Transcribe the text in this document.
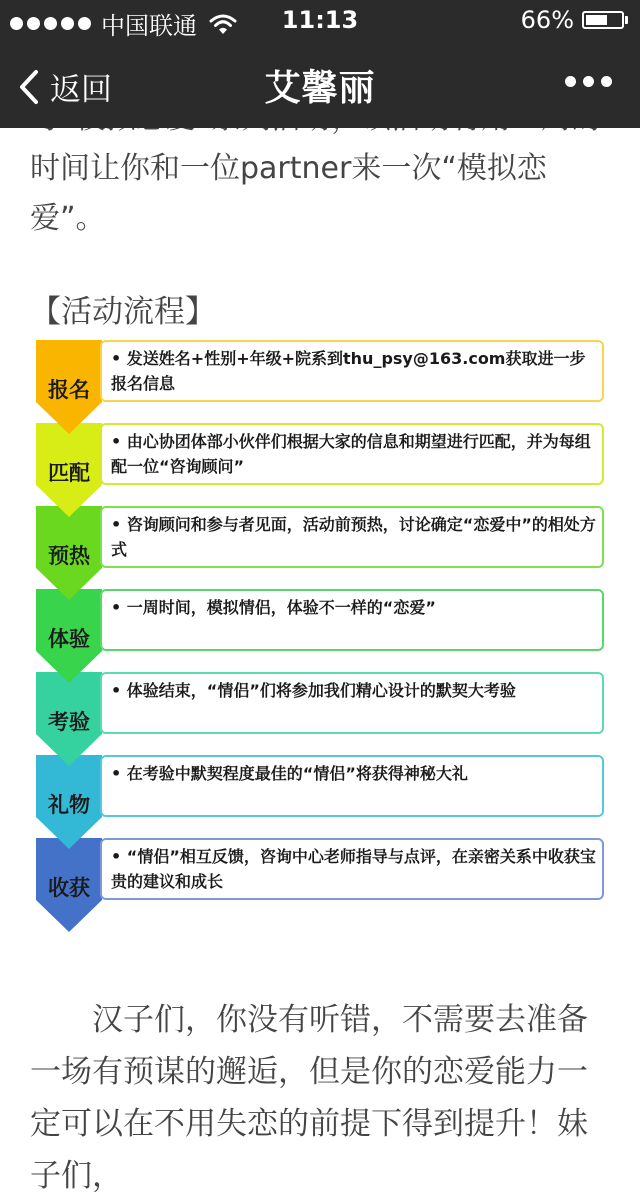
中国联通	11:13	66%
返回	艾馨丽

时间让你和一位partner来一次“模拟恋爱”。

【活动流程】

报名

• 发送姓名+性别+年级+院系到thu_psy@163.com获取进一步报名信息

匹配

• 由心协团体部小伙伴们根据大家的信息和期望进行匹配，并为每组配一位“咨询顾问”

预热

• 咨询顾问和参与者见面，活动前预热，讨论确定“恋爱中”的相处方式

体验

• 一周时间，模拟情侣，体验不一样的“恋爱”

考验

• 体验结束，“情侣”们将参加我们精心设计的默契大考验

礼物

• 在考验中默契程度最佳的“情侣”将获得神秘大礼

收获

• “情侣”相互反馈，咨询中心老师指导与点评，在亲密关系中收获宝贵的建议和成长

汉子们，你没有听错，不需要去准备一场有预谋的邂逅，但是你的恋爱能力一定可以在不用失恋的前提下得到提升！妹子们，
